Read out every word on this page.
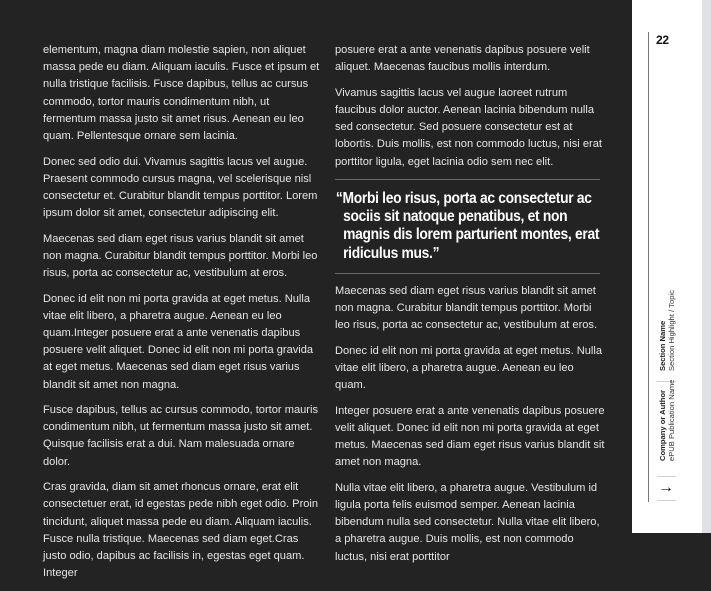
elementum, magna diam molestie sapien, non aliquet massa pede eu diam. Aliquam iaculis. Fusce et ipsum et nulla tristique facilisis. Fusce dapibus, tellus ac cursus commodo, tortor mauris condimentum nibh, ut fermentum massa justo sit amet risus. Aenean eu leo quam. Pellentesque ornare sem lacinia.

Donec sed odio dui. Vivamus sagittis lacus vel augue. Praesent commodo cursus magna, vel scelerisque nisl consectetur et. Curabitur blandit tempus porttitor. Lorem ipsum dolor sit amet, consectetur adipiscing elit.

Maecenas sed diam eget risus varius blandit sit amet non magna. Curabitur blandit tempus porttitor. Morbi leo risus, porta ac consectetur ac, vestibulum at eros.

Donec id elit non mi porta gravida at eget metus. Nulla vitae elit libero, a pharetra augue. Aenean eu leo quam.Integer posuere erat a ante venenatis dapibus posuere velit aliquet. Donec id elit non mi porta gravida at eget metus. Maecenas sed diam eget risus varius blandit sit amet non magna.

Fusce dapibus, tellus ac cursus commodo, tortor mauris condimentum nibh, ut fermentum massa justo sit amet. Quisque facilisis erat a dui. Nam malesuada ornare dolor.

Cras gravida, diam sit amet rhoncus ornare, erat elit consectetuer erat, id egestas pede nibh eget odio. Proin tincidunt, aliquet massa pede eu diam. Aliquam iaculis. Fusce nulla tristique. Maecenas sed diam eget.Cras justo odio, dapibus ac facilisis in, egestas eget quam. Integer

posuere erat a ante venenatis dapibus posuere velit aliquet. Maecenas faucibus mollis interdum.

Vivamus sagittis lacus vel augue laoreet rutrum faucibus dolor auctor. Aenean lacinia bibendum nulla sed consectetur. Sed posuere consectetur est at lobortis. Duis mollis, est non commodo luctus, nisi erat porttitor ligula, eget lacinia odio sem nec elit.

“Morbi leo risus, porta ac consectetur ac sociis sit natoque penatibus, et non magnis dis lorem parturient montes, erat ridiculus mus.”

Maecenas sed diam eget risus varius blandit sit amet non magna. Curabitur blandit tempus porttitor. Morbi leo risus, porta ac consectetur ac, vestibulum at eros.

Donec id elit non mi porta gravida at eget metus. Nulla vitae elit libero, a pharetra augue. Aenean eu leo quam.

Integer posuere erat a ante venenatis dapibus posuere velit aliquet. Donec id elit non mi porta gravida at eget metus. Maecenas sed diam eget risus varius blandit sit amet non magna.

Nulla vitae elit libero, a pharetra augue. Vestibulum id ligula porta felis euismod semper. Aenean lacinia bibendum nulla sed consectetur. Nulla vitae elit libero, a pharetra augue. Duis mollis, est non commodo luctus, nisi erat porttitor

22
Section Name Section Highlight / Topic
Company or Author ePUB Publication Name
→
